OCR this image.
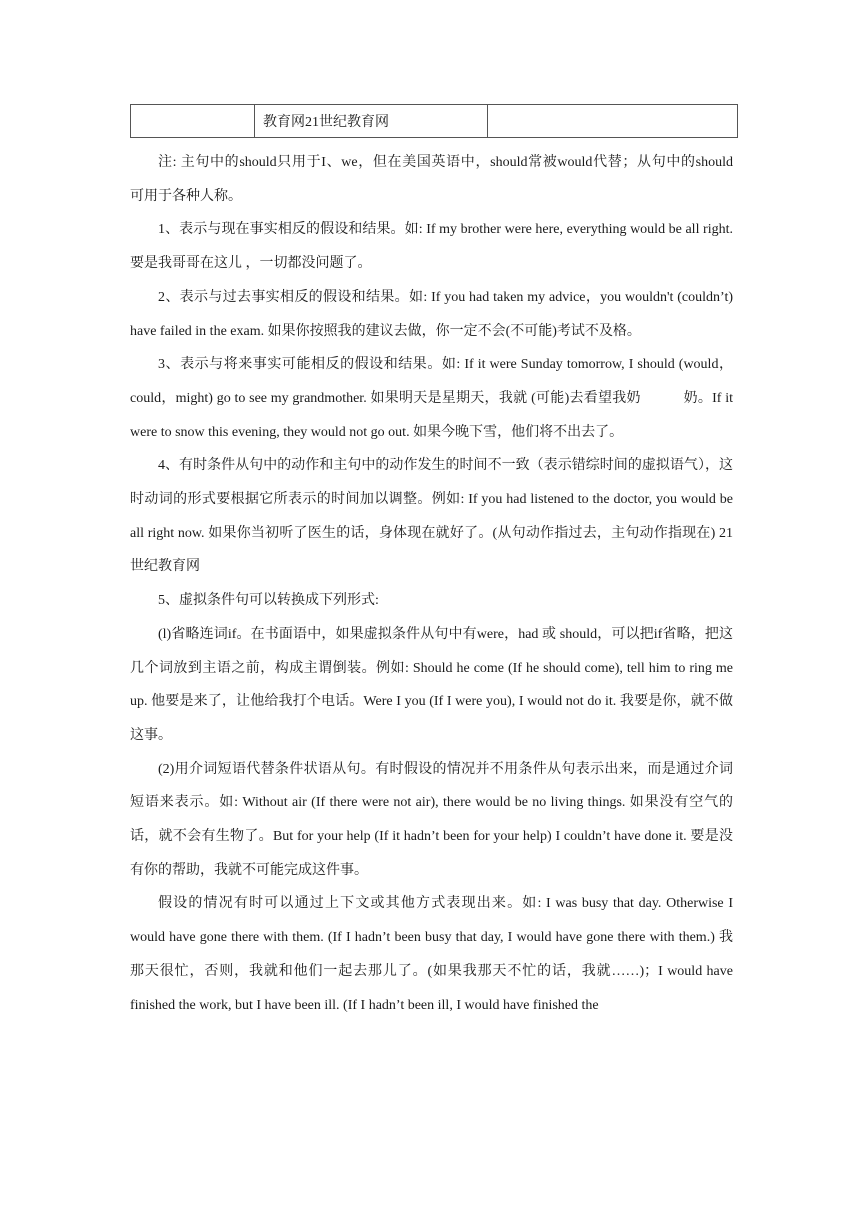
	教育网21世纪教育网	

注: 主句中的should只用于I、we，但在美国英语中，should常被would代替；从句中的should　可用于各种人称。

1、表示与现在事实相反的假设和结果。如: If my brother were here, everything would be all right. 要是我哥哥在这儿 ，一切都没问题了。

2、表示与过去事实相反的假设和结果。如: If you had taken my advice，you wouldn't (couldn’t) have failed in the exam. 如果你按照我的建议去做，你一定不会(不可能)考试不及格。

3、表示与将来事实可能相反的假设和结果。如: If it were Sunday tomorrow, I should (would，could，might) go to see my grandmother. 如果明天是星期天，我就 (可能)去看望我奶　　　奶。If it were to snow this evening, they would not go out. 如果今晚下雪，他们将不出去了。

4、有时条件从句中的动作和主句中的动作发生的时间不一致（表示错综时间的虚拟语气），这时动词的形式要根据它所表示的时间加以调整。例如: If you had listened to the doctor, you would be all right now. 如果你当初听了医生的话，身体现在就好了。(从句动作指过去，主句动作指现在) 21世纪教育网

5、虚拟条件句可以转换成下列形式:

(l)省略连词if。在书面语中，如果虚拟条件从句中有were，had 或 should，可以把if省略，把这几个词放到主语之前，构成主谓倒装。例如: Should he come (If he should come), tell him to ring me up. 他要是来了，让他给我打个电话。Were I you (If I were you), I would not do it. 我要是你，就不做这事。

(2)用介词短语代替条件状语从句。有时假设的情况并不用条件从句表示出来，而是通过介词短语来表示。如: Without air (If there were not air), there would be no living things. 如果没有空气的话，就不会有生物了。But for your help (If it hadn’t been for your help) I couldn’t have done it. 要是没有你的帮助，我就不可能完成这件事。

假设的情况有时可以通过上下文或其他方式表现出来。如: I was busy that day. Otherwise I would have gone there with them. (If I hadn’t been busy that day, I would have gone there with them.) 我那天很忙，否则，我就和他们一起去那儿了。(如果我那天不忙的话，我就……)；I would have finished the work, but I have been ill. (If I hadn’t been ill, I would have finished the
